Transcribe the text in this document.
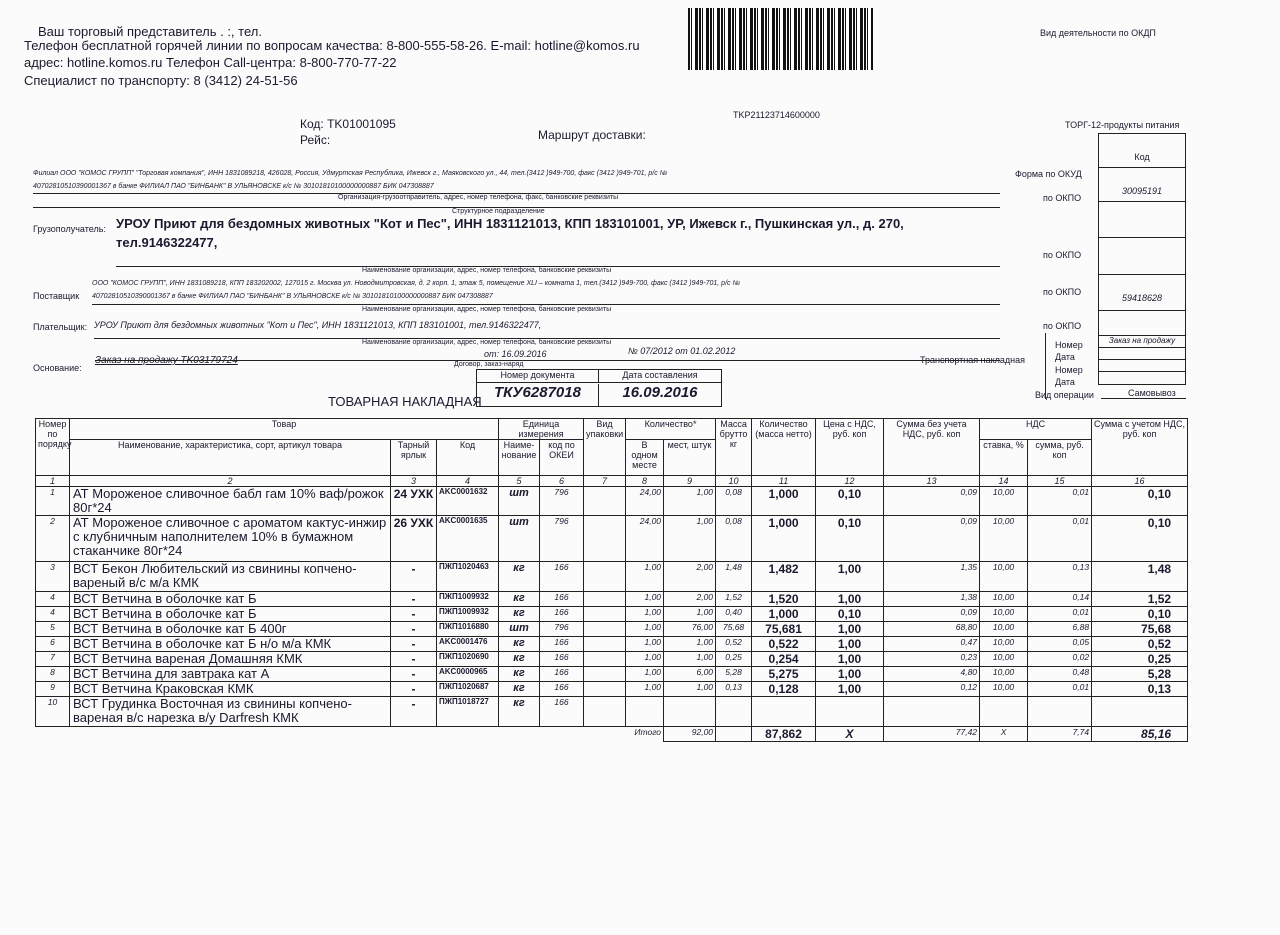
Ваш торговый представитель . :, тел.
Телефон бесплатной горячей линии по вопросам качества: 8-800-555-58-26. E-mail: hotline@komos.ru
адрес: hotline.komos.ru Телефон Call-центра: 8-800-770-77-22
Специалист по транспорту: 8 (3412) 24-51-56
Вид деятельности по ОКДП
Код: TK01001095
Рейс:	Маршрут доставки:
TKP21123714600000
ТОРГ-12-продукты питания
Филиал ООО "КОМОС ГРУПП" "Торговая компания", ИНН 1831089218, 426028, Россия, Удмуртская Республика, Ижевск г., Маяковского ул., 44, тел.(3412 )949-700, факс (3412 )949-701, р/с №
40702810510390001367 в банке ФИЛИАЛ ПАО "БИНБАНК" В УЛЬЯНОВСКЕ к/с № 30101810100000000887 БИК 047308887
Организация-грузоотправитель, адрес, номер телефона, факс, банковские реквизиты
Структурное подразделение
Грузополучатель: УРОУ Приют для бездомных животных "Кот и Пес", ИНН 1831121013, КПП 183101001, УР, Ижевск г., Пушкинская ул., д. 270,
тел.9146322477,
Наименование организации, адрес, номер телефона, банковские реквизиты
Поставщик
ООО "КОМОС ГРУПП", ИНН 1831089218, КПП 183202002, 127015 г. Москва ул. Новодмитровская, д. 2 корп. 1, этаж 5, помещение XLI – комната 1, тел.(3412 )949-700, факс (3412 )949-701, р/с №
40702810510390001367 в банке ФИЛИАЛ ПАО "БИНБАНК" В УЛЬЯНОВСКЕ к/с № 30101810100000000887 БИК 047308887
Наименование организации, адрес, номер телефона, банковские реквизиты
Плательщик: УРОУ Приют для бездомных животных "Кот и Пес", ИНН 1831121013, КПП 183101001, тел.9146322477,
Наименование организации, адрес, номер телефона, банковские реквизиты
Основание:
Заказ на продажу TK03179724
от: 16.09.2016	№ 07/2012 от 01.02.2012
Договор, заказ-наряд
Форма по ОКУД
по ОКПО
по ОКПО
по ОКПО
по ОКПО
Транспортная накладная
Номер
Дата
Номер
Дата
Вид операции
Код
30095191
59418628
Заказ на продажу
Самовывоз
ТОВАРНАЯ НАКЛАДНАЯ
Номер документа	Дата составления
ТКУ6287018	16.09.2016
Номер по порядку	Товар			Единица измерения		Вид упаковки	Количество*		Масса брутто кг	Количество (масса нетто)	Цена с НДС, руб. коп	Сумма без учета НДС, руб. коп	НДС		Сумма с учетом НДС, руб. коп
	Наименование, характеристика, сорт, артикул товара	Тарный ярлык	Код	Наиме-нование	код по ОКЕИ		В одном месте	мест, штук					ставка, %	сумма, руб. коп	
1	2	3	4	5	6	7	8	9	10	11	12	13	14	15	16
1	АТ Мороженое сливочное бабл гам 10% ваф/рожок 80г*24	24 УХК	AKC0001632	шт	796		24,00	1,00	0,08	1,000	0,10	0,09	10,00	0,01	0,10
2	АТ Мороженое сливочное с ароматом кактус-инжир с клубничным наполнителем 10% в бумажном стаканчике 80г*24	26 УХК	AKC0001635	шт	796		24,00	1,00	0,08	1,000	0,10	0,09	10,00	0,01	0,10
3	ВСТ Бекон Любительский из свинины копчено-вареный в/с м/а КМК	-	ПЖП1020463	кг	166		1,00	2,00	1,48	1,482	1,00	1,35	10,00	0,13	1,48
4	ВСТ Ветчина в оболочке кат Б	-	ПЖП1009932	кг	166		1,00	2,00	1,52	1,520	1,00	1,38	10,00	0,14	1,52
4	ВСТ Ветчина в оболочке кат Б	-	ПЖП1009932	кг	166		1,00	1,00	0,40	1,000	0,10	0,09	10,00	0,01	0,10
5	ВСТ Ветчина в оболочке кат Б 400г	-	ПЖП1016880	шт	796		1,00	76,00	75,68	75,681	1,00	68,80	10,00	6,88	75,68
6	ВСТ Ветчина в оболочке кат Б н/о м/а КМК	-	AKC0001476	кг	166		1,00	1,00	0,52	0,522	1,00	0,47	10,00	0,05	0,52
7	ВСТ Ветчина вареная Домашняя КМК	-	ПЖП1020690	кг	166		1,00	1,00	0,25	0,254	1,00	0,23	10,00	0,02	0,25
8	ВСТ Ветчина для завтрака кат А	-	AKC0000965	кг	166		1,00	6,00	5,28	5,275	1,00	4,80	10,00	0,48	5,28
9	ВСТ Ветчина Краковская КМК	-	ПЖП1020687	кг	166		1,00	1,00	0,13	0,128	1,00	0,12	10,00	0,01	0,13
10	ВСТ Грудинка Восточная из свинины копчено-вареная в/с нарезка в/у Darfresh КМК	-	ПЖП1018727	кг	166										
							Итого	92,00		87,862	Х	77,42	Х	7,74	85,16
